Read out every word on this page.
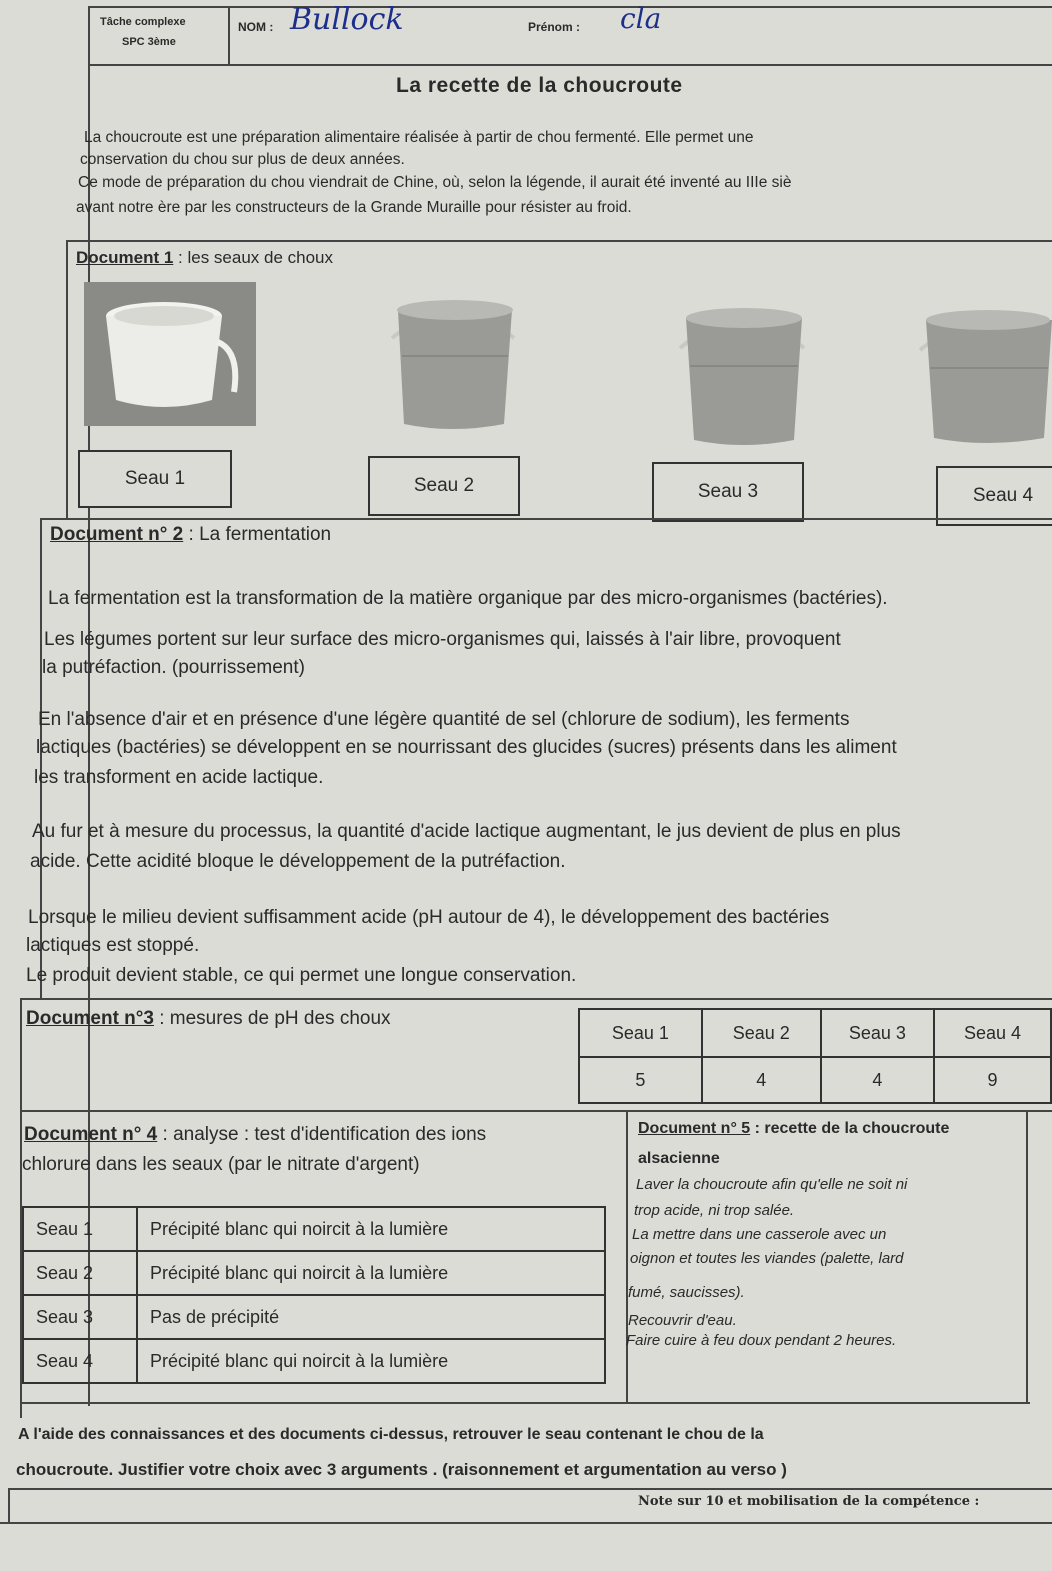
Tâche complexe
SPC 3ème
NOM : Bullock	Prénom : cla
La recette de la choucroute
La choucroute est une préparation alimentaire réalisée à partir de chou fermenté. Elle permet une
conservation du chou sur plus de deux années.
Ce mode de préparation du chou viendrait de Chine, où, selon la légende, il aurait été inventé au IIIe siè
avant notre ère par les constructeurs de la Grande Muraille pour résister au froid.
Document 1 : les seaux de choux
Seau 1	Seau 2	Seau 3	Seau 4
Document n° 2 : La fermentation
La fermentation est la transformation de la matière organique par des micro-organismes (bactéries).
Les légumes portent sur leur surface des micro-organismes qui, laissés à l'air libre, provoquent
la putréfaction. (pourrissement)
En l'absence d'air et en présence d'une légère quantité de sel (chlorure de sodium), les ferments
lactiques (bactéries) se développent en se nourrissant des glucides (sucres) présents dans les aliment
les transforment en acide lactique.
Au fur et à mesure du processus, la quantité d'acide lactique augmentant, le jus devient de plus en plus
acide. Cette acidité bloque le développement de la putréfaction.
Lorsque le milieu devient suffisamment acide (pH autour de 4), le développement des bactéries
lactiques est stoppé.
Le produit devient stable, ce qui permet une longue conservation.
Document n°3 : mesures de pH des choux
Seau 1	Seau 2	Seau 3	Seau 4
5	4	4	9
Document n° 4 : analyse : test d'identification des ions
chlorure dans les seaux (par le nitrate d'argent)
Seau 1	Précipité blanc qui noircit à la lumière
Seau 2	Précipité blanc qui noircit à la lumière
Seau 3	Pas de précipité
Seau 4	Précipité blanc qui noircit à la lumière
Document n° 5 : recette de la choucroute
alsacienne
Laver la choucroute afin qu'elle ne soit ni
trop acide, ni trop salée.
La mettre dans une casserole avec un
oignon et toutes les viandes (palette, lard
fumé, saucisses).
Recouvrir d'eau.
Faire cuire à feu doux pendant 2 heures.
A l'aide des connaissances et des documents ci-dessus, retrouver le seau contenant le chou de la
choucroute. Justifier votre choix avec 3 arguments . (raisonnement et argumentation au verso )
Note sur 10 et mobilisation de la compétence :
